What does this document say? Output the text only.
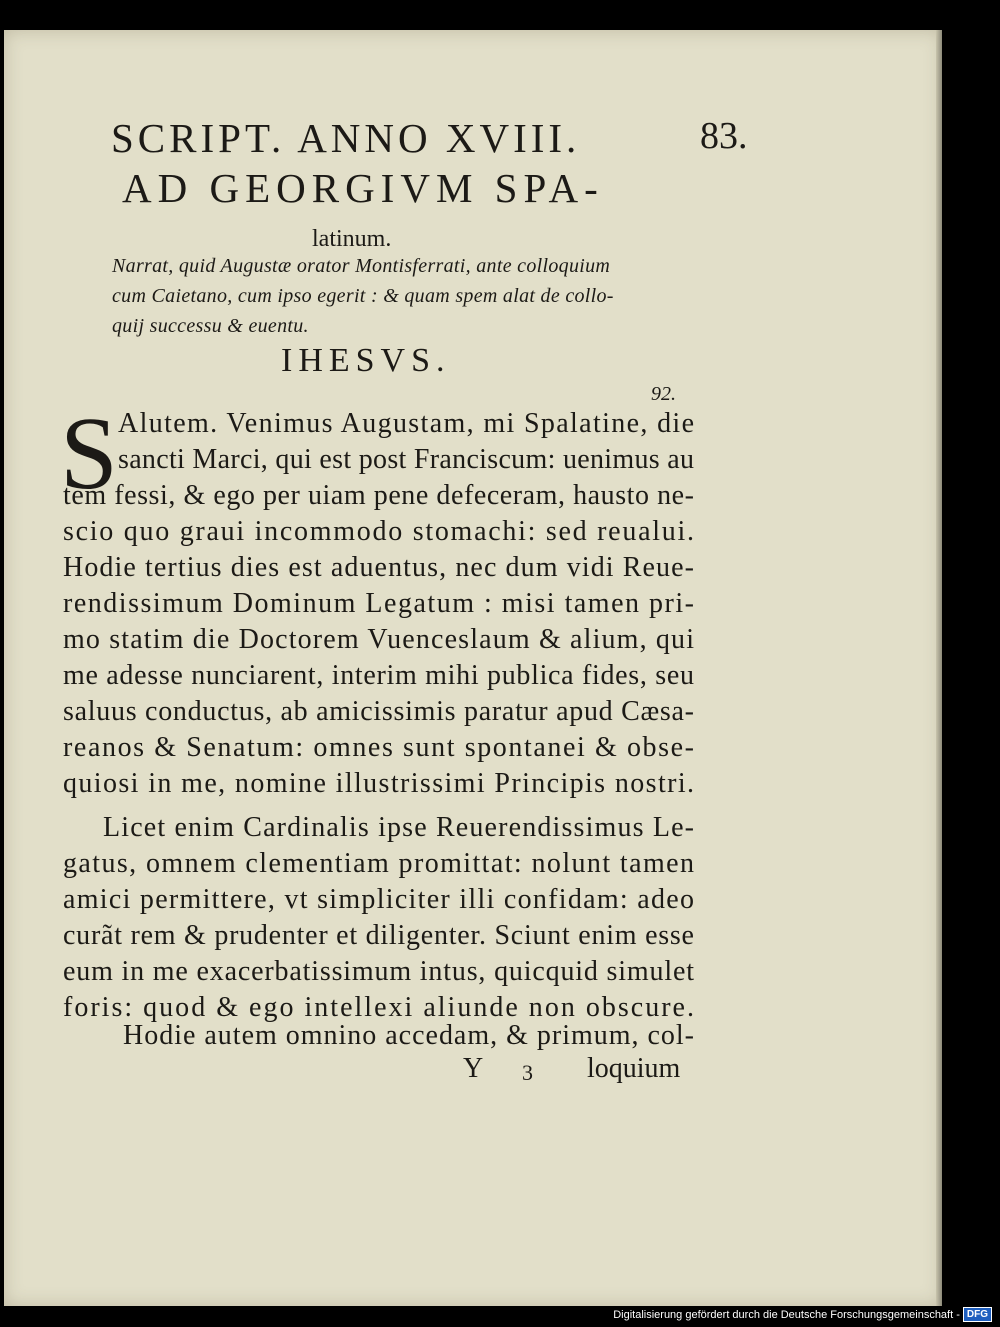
SCRIPT. ANNO XVIII.	83.
AD GEORGIVM SPA-
latinum.
Narrat, quid Augustæ orator Montisferrati, ante colloquium
cum Caietano, cum ipso egerit : & quam spem alat de collo-
quij successu & euentu.
IHESVS.
92.
S Alutem. Venimus Augustam, mi Spalatine, die
sancti Marci, qui est post Franciscum: uenimus au
tem fessi, & ego per uiam pene defeceram, hausto ne-
scio quo graui incommodo stomachi: sed reualui.
Hodie tertius dies est aduentus, nec dum vidi Reue-
rendissimum Dominum Legatum : misi tamen pri-
mo statim die Doctorem Vuenceslaum & alium, qui
me adesse nunciarent, interim mihi publica fides, seu
saluus conductus, ab amicissimis paratur apud Cæsa-
reanos & Senatum: omnes sunt spontanei & obse-
quiosi in me, nomine illustrissimi Principis nostri.
Licet enim Cardinalis ipse Reuerendissimus Le-
gatus, omnem clementiam promittat: nolunt tamen
amici permittere, vt simpliciter illi confidam: adeo
curãt rem & prudenter et diligenter. Sciunt enim esse
eum in me exacerbatissimum intus, quicquid simulet
foris: quod & ego intellexi aliunde non obscure.
Hodie autem omnino accedam, & primum, col-
Y 3 loquium
Digitalisierung gefördert durch die Deutsche Forschungsgemeinschaft - DFG
